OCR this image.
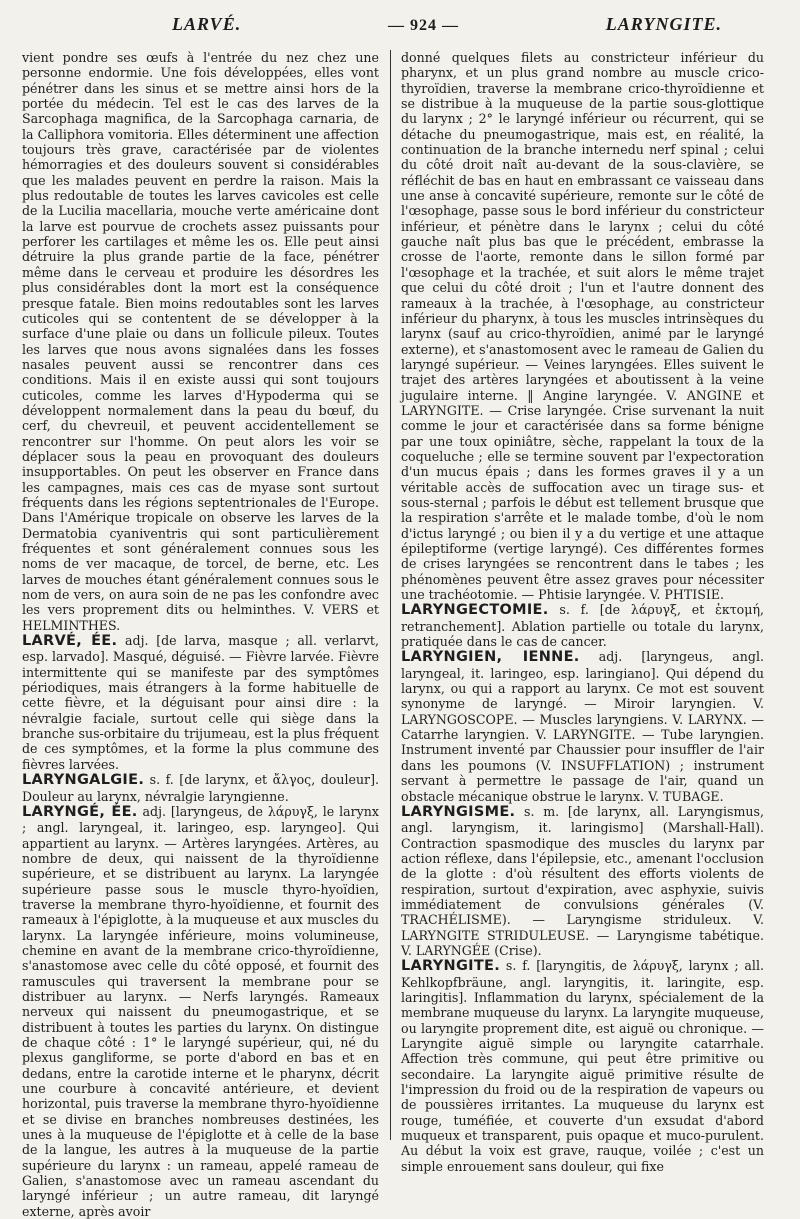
LARVÉ.	— 924 —	LARYNGITE.

vient pondre ses œufs à l'entrée du nez chez une personne endormie. Une fois développées, elles vont pénétrer dans les sinus et se mettre ainsi hors de la portée du médecin. Tel est le cas des larves de la Sarcophaga magnifica, de la Sarcophaga carnaria, de la Calliphora vomitoria. Elles déterminent une affection toujours très grave, caractérisée par de violentes hémorragies et des douleurs souvent si considérables que les malades peuvent en perdre la raison. Mais la plus redoutable de toutes les larves cavicoles est celle de la Lucilia macellaria, mouche verte américaine dont la larve est pourvue de crochets assez puissants pour perforer les cartilages et même les os. Elle peut ainsi détruire la plus grande partie de la face, pénétrer même dans le cerveau et produire les désordres les plus considérables dont la mort est la conséquence presque fatale. Bien moins redoutables sont les larves cuticoles qui se contentent de se développer à la surface d'une plaie ou dans un follicule pileux. Toutes les larves que nous avons signalées dans les fosses nasales peuvent aussi se rencontrer dans ces conditions. Mais il en existe aussi qui sont toujours cuticoles, comme les larves d'Hypoderma qui se développent normalement dans la peau du bœuf, du cerf, du chevreuil, et peuvent accidentellement se rencontrer sur l'homme. On peut alors les voir se déplacer sous la peau en provoquant des douleurs insupportables. On peut les observer en France dans les campagnes, mais ces cas de myase sont surtout fréquents dans les régions septentrionales de l'Europe. Dans l'Amérique tropicale on observe les larves de la Dermatobia cyaniventris qui sont particulièrement fréquentes et sont généralement connues sous les noms de ver macaque, de torcel, de berne, etc. Les larves de mouches étant généralement connues sous le nom de vers, on aura soin de ne pas les confondre avec les vers proprement dits ou helminthes. V. VERS et HELMINTHES.

LARVÉ, ÉE. adj. [de larva, masque ; all. verlarvt, esp. larvado]. Masqué, déguisé. — Fièvre larvée. Fièvre intermittente qui se manifeste par des symptômes périodiques, mais étrangers à la forme habituelle de cette fièvre, et la déguisant pour ainsi dire : la névralgie faciale, surtout celle qui siège dans la branche sus-orbitaire du trijumeau, est la plus fréquent de ces symptômes, et la forme la plus commune des fièvres larvées.

LARYNGALGIE. s. f. [de larynx, et ἄλγος, douleur]. Douleur au larynx, névralgie laryngienne.

LARYNGÉ, ÉE. adj. [laryngeus, de λάρυγξ, le larynx ; angl. laryngeal, it. laringeo, esp. laryngeo]. Qui appartient au larynx. — Artères laryngées. Artères, au nombre de deux, qui naissent de la thyroïdienne supérieure, et se distribuent au larynx. La laryngée supérieure passe sous le muscle thyro-hyoïdien, traverse la membrane thyro-hyoïdienne, et fournit des rameaux à l'épiglotte, à la muqueuse et aux muscles du larynx. La laryngée inférieure, moins volumineuse, chemine en avant de la membrane crico-thyroïdienne, s'anastomose avec celle du côté opposé, et fournit des ramuscules qui traversent la membrane pour se distribuer au larynx. — Nerfs laryngés. Rameaux nerveux qui naissent du pneumogastrique, et se distribuent à toutes les parties du larynx. On distingue de chaque côté : 1° le laryngé supérieur, qui, né du plexus gangliforme, se porte d'abord en bas et en dedans, entre la carotide interne et le pharynx, décrit une courbure à concavité antérieure, et devient horizontal, puis traverse la membrane thyro-hyoïdienne et se divise en branches nombreuses destinées, les unes à la muqueuse de l'épiglotte et à celle de la base de la langue, les autres à la muqueuse de la partie supérieure du larynx : un rameau, appelé rameau de Galien, s'anastomose avec un rameau ascendant du laryngé inférieur ; un autre rameau, dit laryngé externe, après avoir

donné quelques filets au constricteur inférieur du pharynx, et un plus grand nombre au muscle crico-thyroïdien, traverse la membrane crico-thyroïdienne et se distribue à la muqueuse de la partie sous-glottique du larynx ; 2° le laryngé inférieur ou récurrent, qui se détache du pneumogastrique, mais est, en réalité, la continuation de la branche internedu nerf spinal ; celui du côté droit naît au-devant de la sous-clavière, se réfléchit de bas en haut en embrassant ce vaisseau dans une anse à concavité supérieure, remonte sur le côté de l'œsophage, passe sous le bord inférieur du constricteur inférieur, et pénètre dans le larynx ; celui du côté gauche naît plus bas que le précédent, embrasse la crosse de l'aorte, remonte dans le sillon formé par l'œsophage et la trachée, et suit alors le même trajet que celui du côté droit ; l'un et l'autre donnent des rameaux à la trachée, à l'œsophage, au constricteur inférieur du pharynx, à tous les muscles intrinsèques du larynx (sauf au crico-thyroïdien, animé par le laryngé externe), et s'anastomosent avec le rameau de Galien du laryngé supérieur. — Veines laryngées. Elles suivent le trajet des artères laryngées et aboutissent à la veine jugulaire interne. ‖ Angine laryngée. V. ANGINE et LARYNGITE. — Crise laryngée. Crise survenant la nuit comme le jour et caractérisée dans sa forme bénigne par une toux opiniâtre, sèche, rappelant la toux de la coqueluche ; elle se termine souvent par l'expectoration d'un mucus épais ; dans les formes graves il y a un véritable accès de suffocation avec un tirage sus- et sous-sternal ; parfois le début est tellement brusque que la respiration s'arrête et le malade tombe, d'où le nom d'ictus laryngé ; ou bien il y a du vertige et une attaque épileptiforme (vertige laryngé). Ces différentes formes de crises laryngées se rencontrent dans le tabes ; les phénomènes peuvent être assez graves pour nécessiter une trachéotomie. — Phtisie laryngée. V. PHTISIE.

LARYNGECTOMIE. s. f. [de λάρυγξ, et ἐκτομή, retranchement]. Ablation partielle ou totale du larynx, pratiquée dans le cas de cancer.

LARYNGIEN, IENNE. adj. [laryngeus, angl. laryngeal, it. laringeo, esp. laringiano]. Qui dépend du larynx, ou qui a rapport au larynx. Ce mot est souvent synonyme de laryngé. — Miroir laryngien. V. LARYNGOSCOPE. — Muscles laryngiens. V. LARYNX. — Catarrhe laryngien. V. LARYNGITE. — Tube laryngien. Instrument inventé par Chaussier pour insuffler de l'air dans les poumons (V. INSUFFLATION) ; instrument servant à permettre le passage de l'air, quand un obstacle mécanique obstrue le larynx. V. TUBAGE.

LARYNGISME. s. m. [de larynx, all. Laryngismus, angl. laryngism, it. laringismo] (Marshall-Hall). Contraction spasmodique des muscles du larynx par action réflexe, dans l'épilepsie, etc., amenant l'occlusion de la glotte : d'où résultent des efforts violents de respiration, surtout d'expiration, avec asphyxie, suivis immédiatement de convulsions générales (V. TRACHÉLISME). — Laryngisme striduleux. V. LARYNGITE STRIDULEUSE. — Laryngisme tabétique. V. LARYNGÉE (Crise).

LARYNGITE. s. f. [laryngitis, de λάρυγξ, larynx ; all. Kehlkopfbräune, angl. laryngitis, it. laringite, esp. laringitis]. Inflammation du larynx, spécialement de la membrane muqueuse du larynx. La laryngite muqueuse, ou laryngite proprement dite, est aiguë ou chronique. — Laryngite aiguë simple ou laryngite catarrhale. Affection très commune, qui peut être primitive ou secondaire. La laryngite aiguë primitive résulte de l'impression du froid ou de la respiration de vapeurs ou de poussières irritantes. La muqueuse du larynx est rouge, tuméfiée, et couverte d'un exsudat d'abord muqueux et transparent, puis opaque et muco-purulent. Au début la voix est grave, rauque, voilée ; c'est un simple enrouement sans douleur, qui fixe
